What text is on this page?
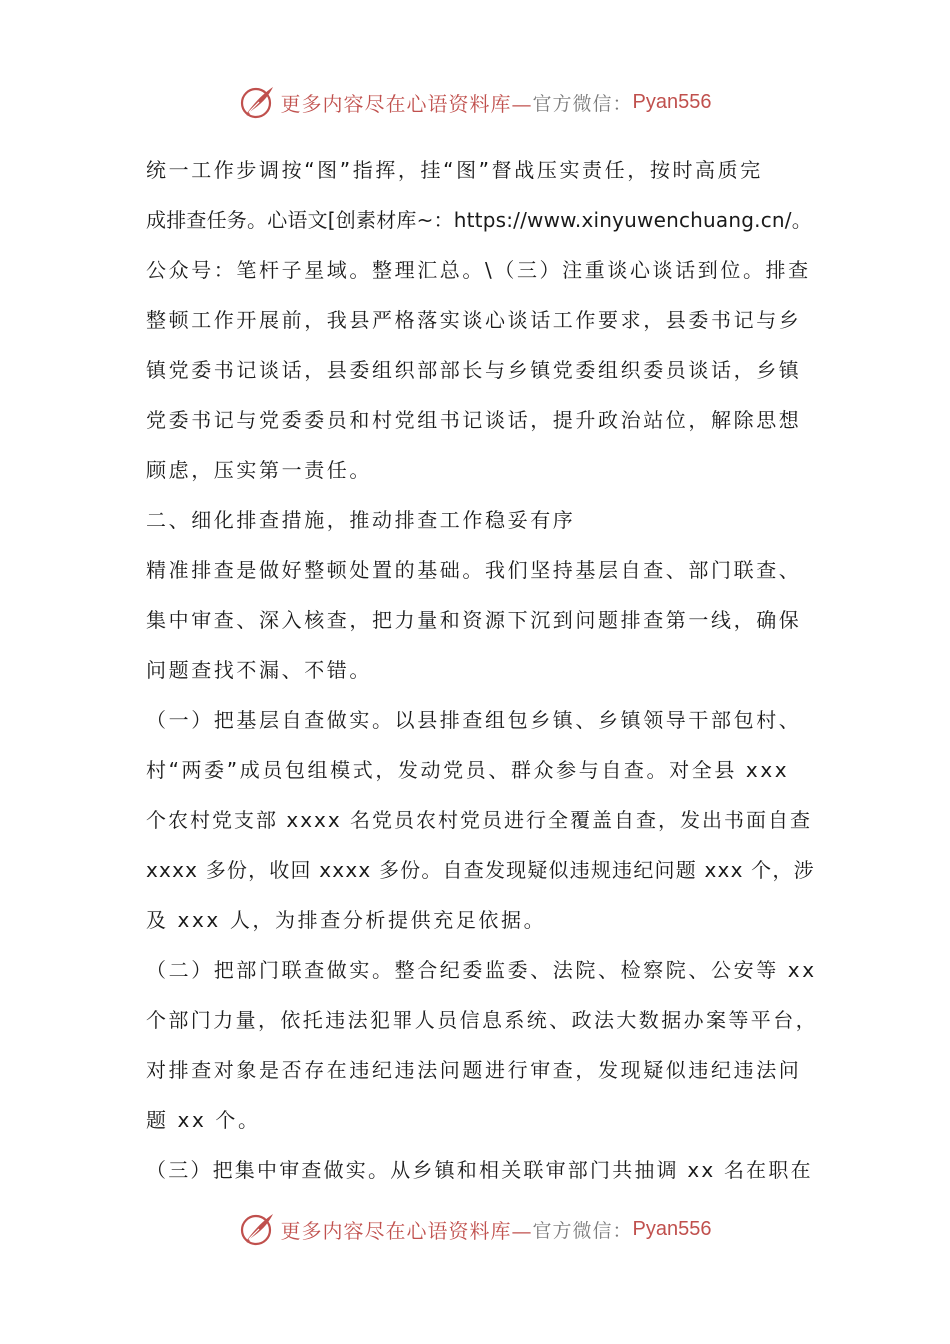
更多内容尽在心语资料库— 官方微信： Pyan556
统一工作步调按“图”指挥，挂“图”督战压实责任，按时高质完
成排查任务。心语文[创素材库~：https://www.xinyuwenchuang.cn/。
公众号：笔杆子星域。整理汇总。\（三）注重谈心谈话到位。排查
整顿工作开展前，我县严格落实谈心谈话工作要求，县委书记与乡
镇党委书记谈话，县委组织部部长与乡镇党委组织委员谈话，乡镇
党委书记与党委委员和村党组书记谈话，提升政治站位，解除思想
顾虑，压实第一责任。
二、细化排查措施，推动排查工作稳妥有序
精准排查是做好整顿处置的基础。我们坚持基层自查、部门联查、
集中审查、深入核查，把力量和资源下沉到问题排查第一线，确保
问题查找不漏、不错。
（一）把基层自查做实。以县排查组包乡镇、乡镇领导干部包村、
村“两委”成员包组模式，发动党员、群众参与自查。对全县 xxx
个农村党支部 xxxx 名党员农村党员进行全覆盖自查，发出书面自查
xxxx 多份，收回 xxxx 多份。自查发现疑似违规违纪问题 xxx 个，涉
及 xxx 人，为排查分析提供充足依据。
（二）把部门联查做实。整合纪委监委、法院、检察院、公安等 xx
个部门力量，依托违法犯罪人员信息系统、政法大数据办案等平台，
对排查对象是否存在违纪违法问题进行审查，发现疑似违纪违法问
题 xx 个。
（三）把集中审查做实。从乡镇和相关联审部门共抽调 xx 名在职在
更多内容尽在心语资料库— 官方微信： Pyan556
